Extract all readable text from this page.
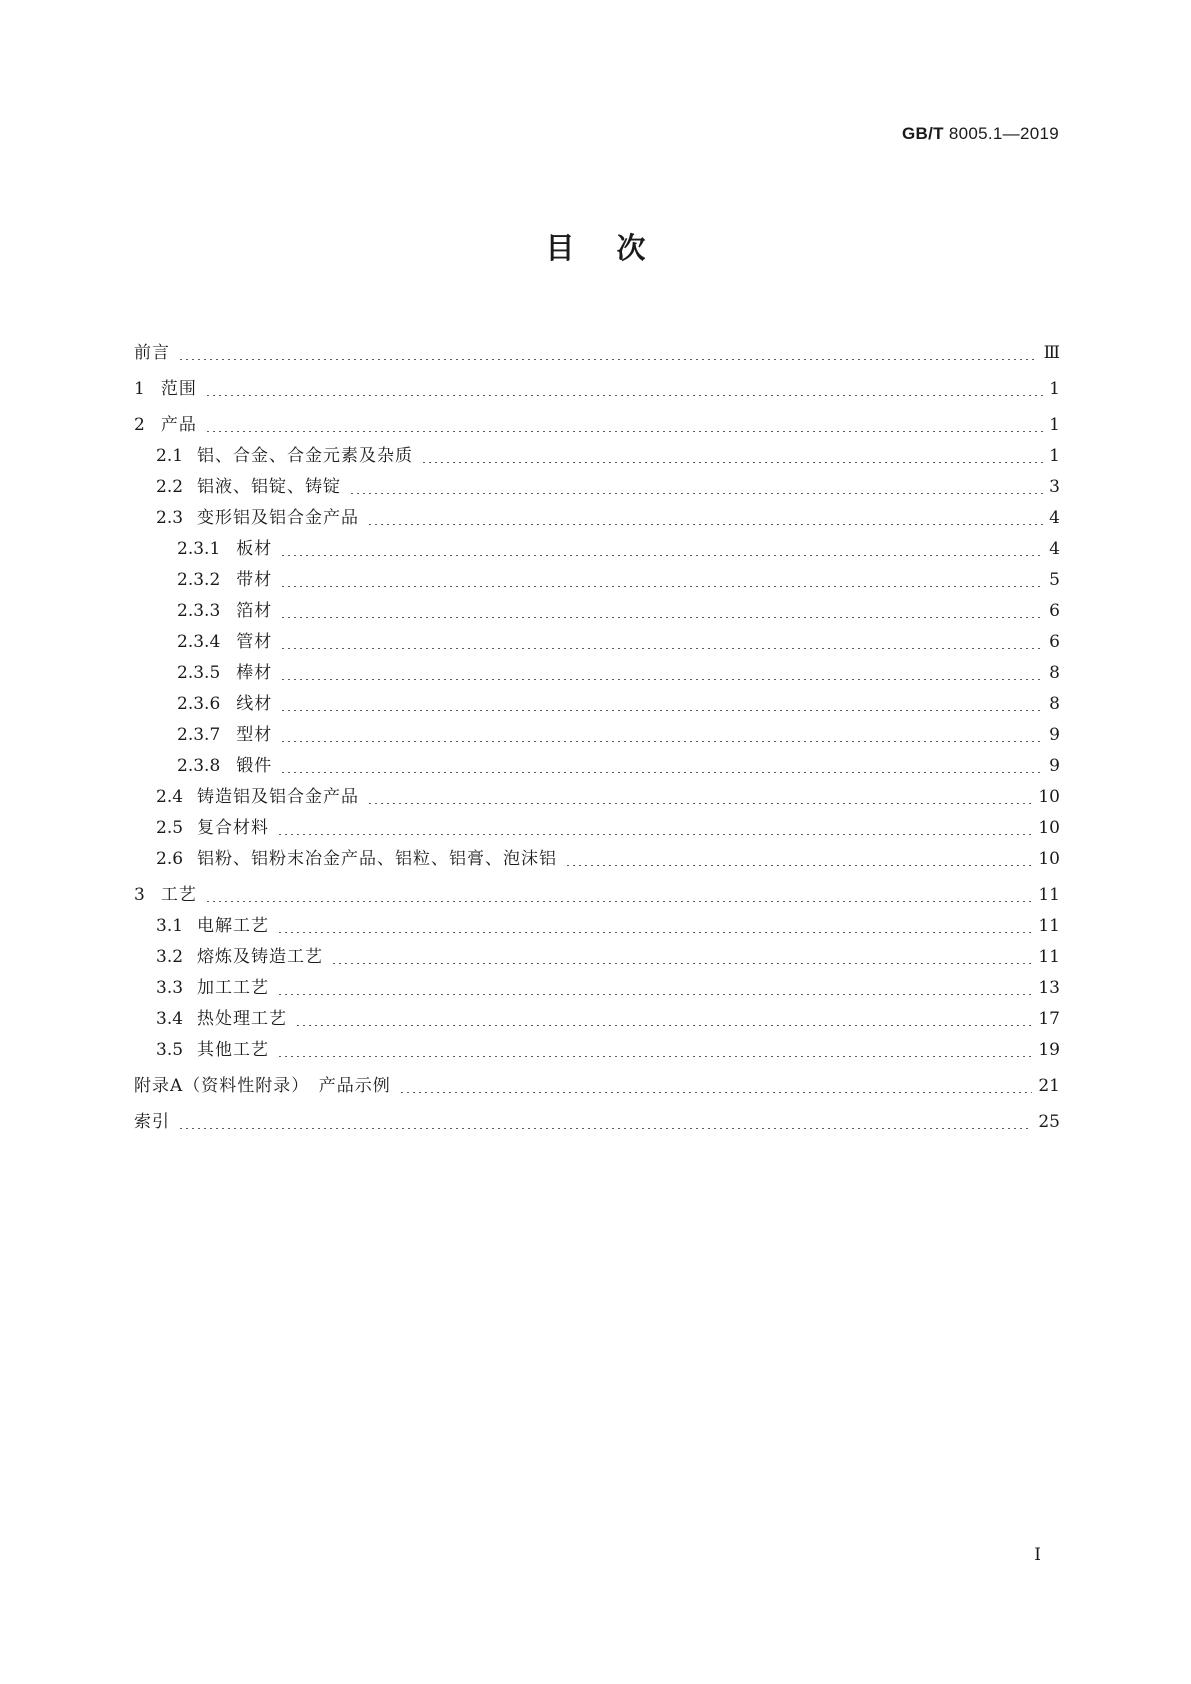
GB/T 8005.1—2019
目次
前言	Ⅲ
1 范围	1
2 产品	1
2.1 铝、合金、合金元素及杂质	1
2.2 铝液、铝锭、铸锭	3
2.3 变形铝及铝合金产品	4
2.3.1 板材	4
2.3.2 带材	5
2.3.3 箔材	6
2.3.4 管材	6
2.3.5 棒材	8
2.3.6 线材	8
2.3.7 型材	9
2.3.8 锻件	9
2.4 铸造铝及铝合金产品	10
2.5 复合材料	10
2.6 铝粉、铝粉末冶金产品、铝粒、铝膏、泡沫铝	10
3 工艺	11
3.1 电解工艺	11
3.2 熔炼及铸造工艺	11
3.3 加工工艺	13
3.4 热处理工艺	17
3.5 其他工艺	19
附录A（资料性附录）　产品示例	21
索引	25
I
